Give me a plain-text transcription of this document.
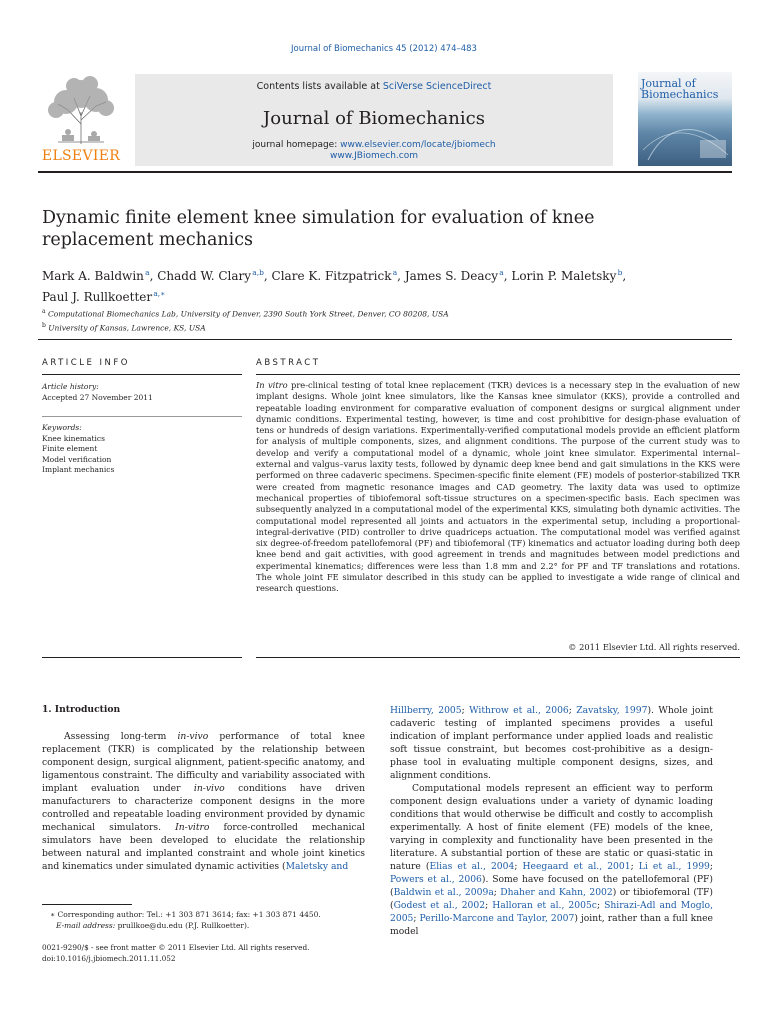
Journal of Biomechanics 45 (2012) 474–483
ELSEVIER
Contents lists available at SciVerse ScienceDirect
Journal of Biomechanics
journal homepage: www.elsevier.com/locate/jbiomech
www.JBiomech.com
Journal of Biomechanics
Dynamic finite element knee simulation for evaluation of knee
replacement mechanics
Mark A. Baldwin $^a$, Chadd W. Clary $^{a,b}$, Clare K. Fitzpatrick $^a$, James S. Deacy $^a$, Lorin P. Maletsky $^b$,
Paul J. Rullkoetter $^{a,∗}$
$^a$ Computational Biomechanics Lab, University of Denver, 2390 South York Street, Denver, CO 80208, USA
$^b$ University of Kansas, Lawrence, KS, USA
ARTICLE INFO
Article history:
Accepted 27 November 2011
Keywords:
Knee kinematics
Finite element
Model verification
Implant mechanics
ABSTRACT
In vitro pre-clinical testing of total knee replacement (TKR) devices is a necessary step in the evaluation of new implant designs. Whole joint knee simulators, like the Kansas knee simulator (KKS), provide a controlled and repeatable loading environment for comparative evaluation of component designs or surgical alignment under dynamic conditions. Experimental testing, however, is time and cost prohibitive for design-phase evaluation of tens or hundreds of design variations. Experimentally-verified computational models provide an efficient platform for analysis of multiple components, sizes, and alignment conditions. The purpose of the current study was to develop and verify a computational model of a dynamic, whole joint knee simulator. Experimental internal–external and valgus–varus laxity tests, followed by dynamic deep knee bend and gait simulations in the KKS were performed on three cadaveric specimens. Specimen-specific finite element (FE) models of posterior-stabilized TKR were created from magnetic resonance images and CAD geometry. The laxity data was used to optimize mechanical properties of tibiofemoral soft-tissue structures on a specimen-specific basis. Each specimen was subsequently analyzed in a computational model of the experimental KKS, simulating both dynamic activities. The computational model represented all joints and actuators in the experimental setup, including a proportional-integral-derivative (PID) controller to drive quadriceps actuation. The computational model was verified against six degree-of-freedom patellofemoral (PF) and tibiofemoral (TF) kinematics and actuator loading during both deep knee bend and gait activities, with good agreement in trends and magnitudes between model predictions and experimental kinematics; differences were less than 1.8 mm and 2.2° for PF and TF translations and rotations. The whole joint FE simulator described in this study can be applied to investigate a wide range of clinical and research questions.
© 2011 Elsevier Ltd. All rights reserved.
1. Introduction
Assessing long-term in-vivo performance of total knee replacement (TKR) is complicated by the relationship between component design, surgical alignment, patient-specific anatomy, and ligamentous constraint. The difficulty and variability associated with implant evaluation under in-vivo conditions have driven manufacturers to characterize component designs in the more controlled and repeatable loading environment provided by dynamic mechanical simulators. In-vitro force-controlled mechanical simulators have been developed to elucidate the relationship between natural and implanted constraint and whole joint kinetics and kinematics under simulated dynamic activities (Maletsky and
Hillberry, 2005; Withrow et al., 2006; Zavatsky, 1997). Whole joint cadaveric testing of implanted specimens provides a useful indication of implant performance under applied loads and realistic soft tissue constraint, but becomes cost-prohibitive as a design-phase tool in evaluating multiple component designs, sizes, and alignment conditions.
Computational models represent an efficient way to perform component design evaluations under a variety of dynamic loading conditions that would otherwise be difficult and costly to accomplish experimentally. A host of finite element (FE) models of the knee, varying in complexity and functionality have been presented in the literature. A substantial portion of these are static or quasi-static in nature (Elias et al., 2004; Heegaard et al., 2001; Li et al., 1999; Powers et al., 2006). Some have focused on the patellofemoral (PF) (Baldwin et al., 2009a; Dhaher and Kahn, 2002) or tibiofemoral (TF) (Godest et al., 2002; Halloran et al., 2005c; Shirazi-Adl and Moglo, 2005; Perillo-Marcone and Taylor, 2007) joint, rather than a full knee model
∗ Corresponding author: Tel.: +1 303 871 3614; fax: +1 303 871 4450.
E-mail address: prullkoe@du.edu (P.J. Rullkoetter).
0021-9290/$ - see front matter © 2011 Elsevier Ltd. All rights reserved.
doi:10.1016/j.jbiomech.2011.11.052
